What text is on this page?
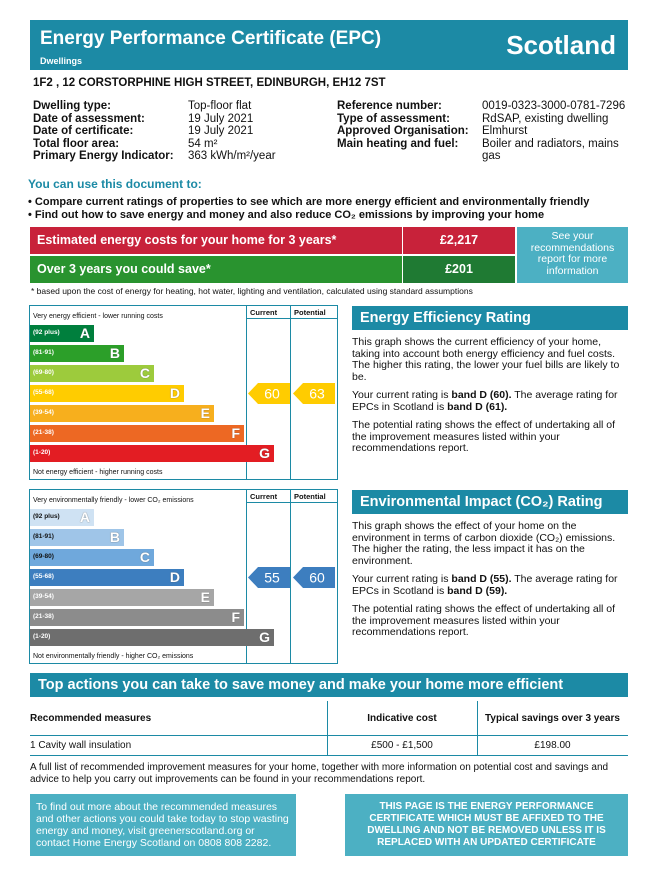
Energy Performance Certificate (EPC)
Dwellings
Scotland
1F2 , 12 CORSTORPHINE HIGH STREET, EDINBURGH, EH12 7ST
Dwelling type:	Top-floor flat
Date of assessment:	19 July 2021
Date of certificate:	19 July 2021
Total floor area:	54 m²
Primary Energy Indicator:	363 kWh/m²/year
Reference number:	0019-0323-3000-0781-7296
Type of assessment:	RdSAP, existing dwelling
Approved Organisation:	Elmhurst
Main heating and fuel:	Boiler and radiators, mains gas
You can use this document to:
• Compare current ratings of properties to see which are more energy efficient and environmentally friendly
• Find out how to save energy and money and also reduce CO₂ emissions by improving your home
Estimated energy costs for your home for 3 years*	£2,217
Over 3 years you could save*	£201
See your recommendations report for more information
* based upon the cost of energy for heating, hot water, lighting and ventilation, calculated using standard assumptions
Current Potential
Very energy efficient - lower running costs
Not energy efficient - higher running costs
(92 plus) A
(81-91)	B
(69-80)	C
(55-68)	D
(39-54)	E
(21-38)	F
(1-20)	G
60 63
Current Potential
Very environmentally friendly - lower CO₂ emissions
Not environmentally friendly - higher CO₂ emissions
(92 plus) A
(81-91)	B
(69-80)	C
(55-68)	D
(39-54)	E
(21-38)	F
(1-20)	G
55 60
Energy Efficiency Rating

This graph shows the current efficiency of your home, taking into account both energy efficiency and fuel costs. The higher this rating, the lower your fuel bills are likely to be.

Your current rating is band D (60). The average rating for EPCs in Scotland is band D (61).

The potential rating shows the effect of undertaking all of the improvement measures listed within your recommendations report.

Environmental Impact (CO₂) Rating

This graph shows the effect of your home on the environment in terms of carbon dioxide (CO₂) emissions. The higher the rating, the less impact it has on the environment.

Your current rating is band D (55). The average rating for EPCs in Scotland is band D (59).

The potential rating shows the effect of undertaking all of the improvement measures listed within your recommendations report.

Top actions you can take to save money and make your home more efficient
Recommended measures	Indicative cost	Typical savings over 3 years
1 Cavity wall insulation	£500 - £1,500	£198.00
A full list of recommended improvement measures for your home, together with more information on potential cost and savings and advice to help you carry out improvements can be found in your recommendations report.
To find out more about the recommended measures and other actions you could take today to stop wasting energy and money, visit greenerscotland.org or contact Home Energy Scotland on 0808 808 2282.
THIS PAGE IS THE ENERGY PERFORMANCE CERTIFICATE WHICH MUST BE AFFIXED TO THE DWELLING AND NOT BE REMOVED UNLESS IT IS REPLACED WITH AN UPDATED CERTIFICATE
